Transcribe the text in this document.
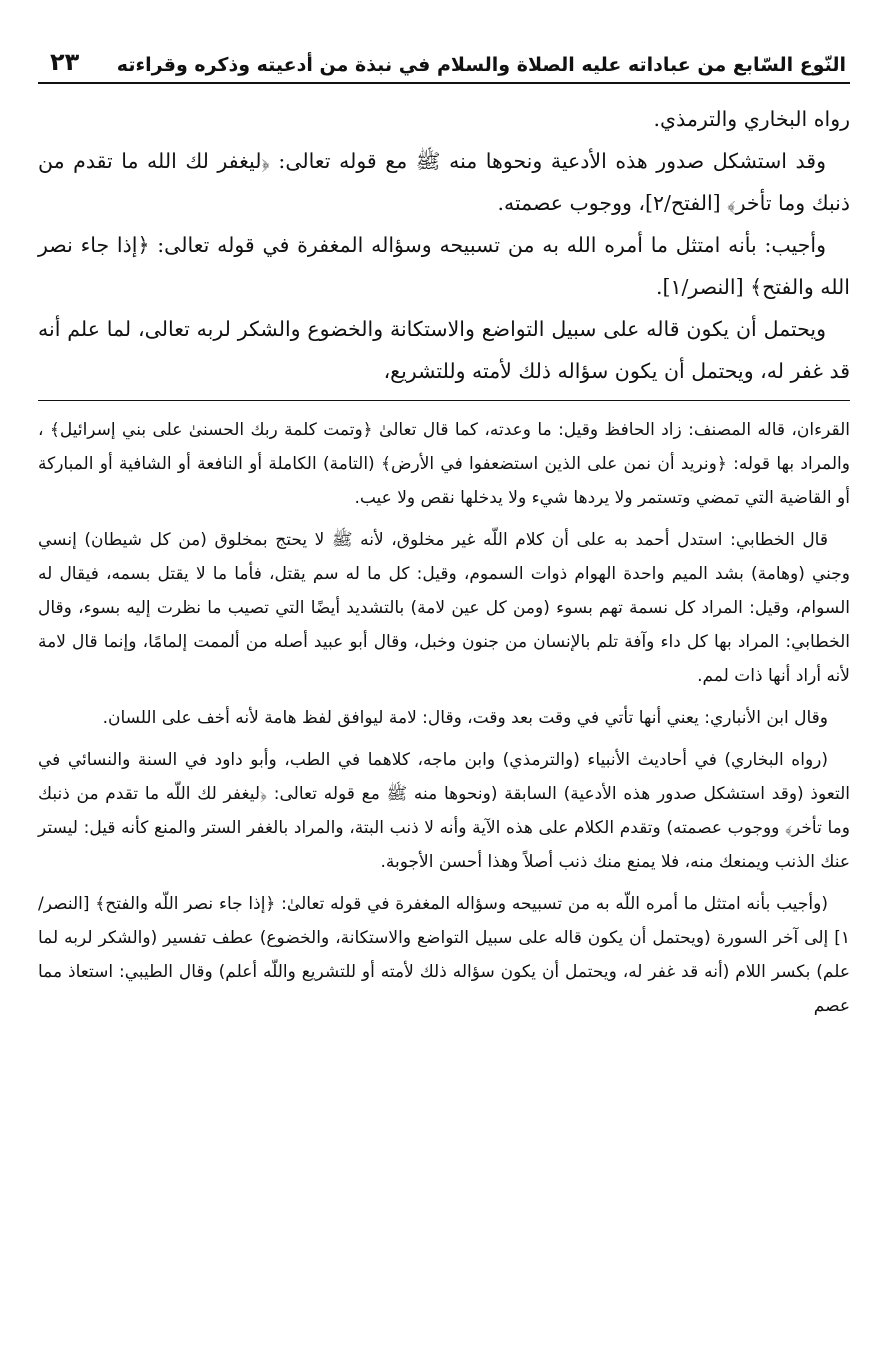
النّوع السّابع من عباداته عليه الصلاة والسلام في نبذة من أدعيته وذكره وقراءته
٢٣

رواه البخاري والترمذي.

وقد استشكل صدور هذه الأدعية ونحوها منه ﷺ مع قوله تعالى: ﴿ليغفر لك الله ما تقدم من ذنبك وما تأخر﴾ [الفتح/٢]، ووجوب عصمته.

وأجيب: بأنه امتثل ما أمره الله به من تسبيحه وسؤاله المغفرة في قوله تعالى: ﴿إذا جاء نصر الله والفتح﴾ [النصر/١].

ويحتمل أن يكون قاله على سبيل التواضع والاستكانة والخضوع والشكر لربه تعالى، لما علم أنه قد غفر له، ويحتمل أن يكون سؤاله ذلك لأمته وللتشريع،

القرءان، قاله المصنف: زاد الحافظ وقيل: ما وعدته، كما قال تعالىٰ ﴿وتمت كلمة ربك الحسنىٰ على بني إسرائيل﴾ ، والمراد بها قوله: ﴿ونريد أن نمن على الذين استضعفوا في الأرض﴾ (التامة) الكاملة أو النافعة أو الشافية أو المباركة أو القاضية التي تمضي وتستمر ولا يردها شيء ولا يدخلها نقص ولا عيب.

قال الخطابي: استدل أحمد به على أن كلام اللّه غير مخلوق، لأنه ﷺ لا يحتج بمخلوق (من كل شيطان) إنسي وجني (وهامة) بشد الميم واحدة الهوام ذوات السموم، وقيل: كل ما له سم يقتل، فأما ما لا يقتل بسمه، فيقال له السوام، وقيل: المراد كل نسمة تهم بسوء (ومن كل عين لامة) بالتشديد أيضًا التي تصيب ما نظرت إليه بسوء، وقال الخطابي: المراد بها كل داء وآفة تلم بالإنسان من جنون وخبل، وقال أبو عبيد أصله من ألممت إلمامًا، وإنما قال لامة لأنه أراد أنها ذات لمم.

وقال ابن الأنباري: يعني أنها تأتي في وقت بعد وقت، وقال: لامة ليوافق لفظ هامة لأنه أخف على اللسان.

(رواه البخاري) في أحاديث الأنبياء (والترمذي) وابن ماجه، كلاهما في الطب، وأبو داود في السنة والنسائي في التعوذ (وقد استشكل صدور هذه الأدعية) السابقة (ونحوها منه ﷺ مع قوله تعالى: ﴿ليغفر لك اللّه ما تقدم من ذنبك وما تأخر﴾ ووجوب عصمته) وتقدم الكلام على هذه الآية وأنه لا ذنب البتة، والمراد بالغفر الستر والمنع كأنه قيل: ليستر عنك الذنب ويمنعك منه، فلا يمنع منك ذنب أصلاً وهذا أحسن الأجوبة.

(وأجيب بأنه امتثل ما أمره اللّه به من تسبيحه وسؤاله المغفرة في قوله تعالىٰ: ﴿إذا جاء نصر اللّه والفتح﴾ [النصر/ ١] إلى آخر السورة (ويحتمل أن يكون قاله على سبيل التواضع والاستكانة، والخضوع) عطف تفسير (والشكر لربه لما علم) بكسر اللام (أنه قد غفر له، ويحتمل أن يكون سؤاله ذلك لأمته أو للتشريع واللّه أعلم) وقال الطيبي: استعاذ مما عصم
